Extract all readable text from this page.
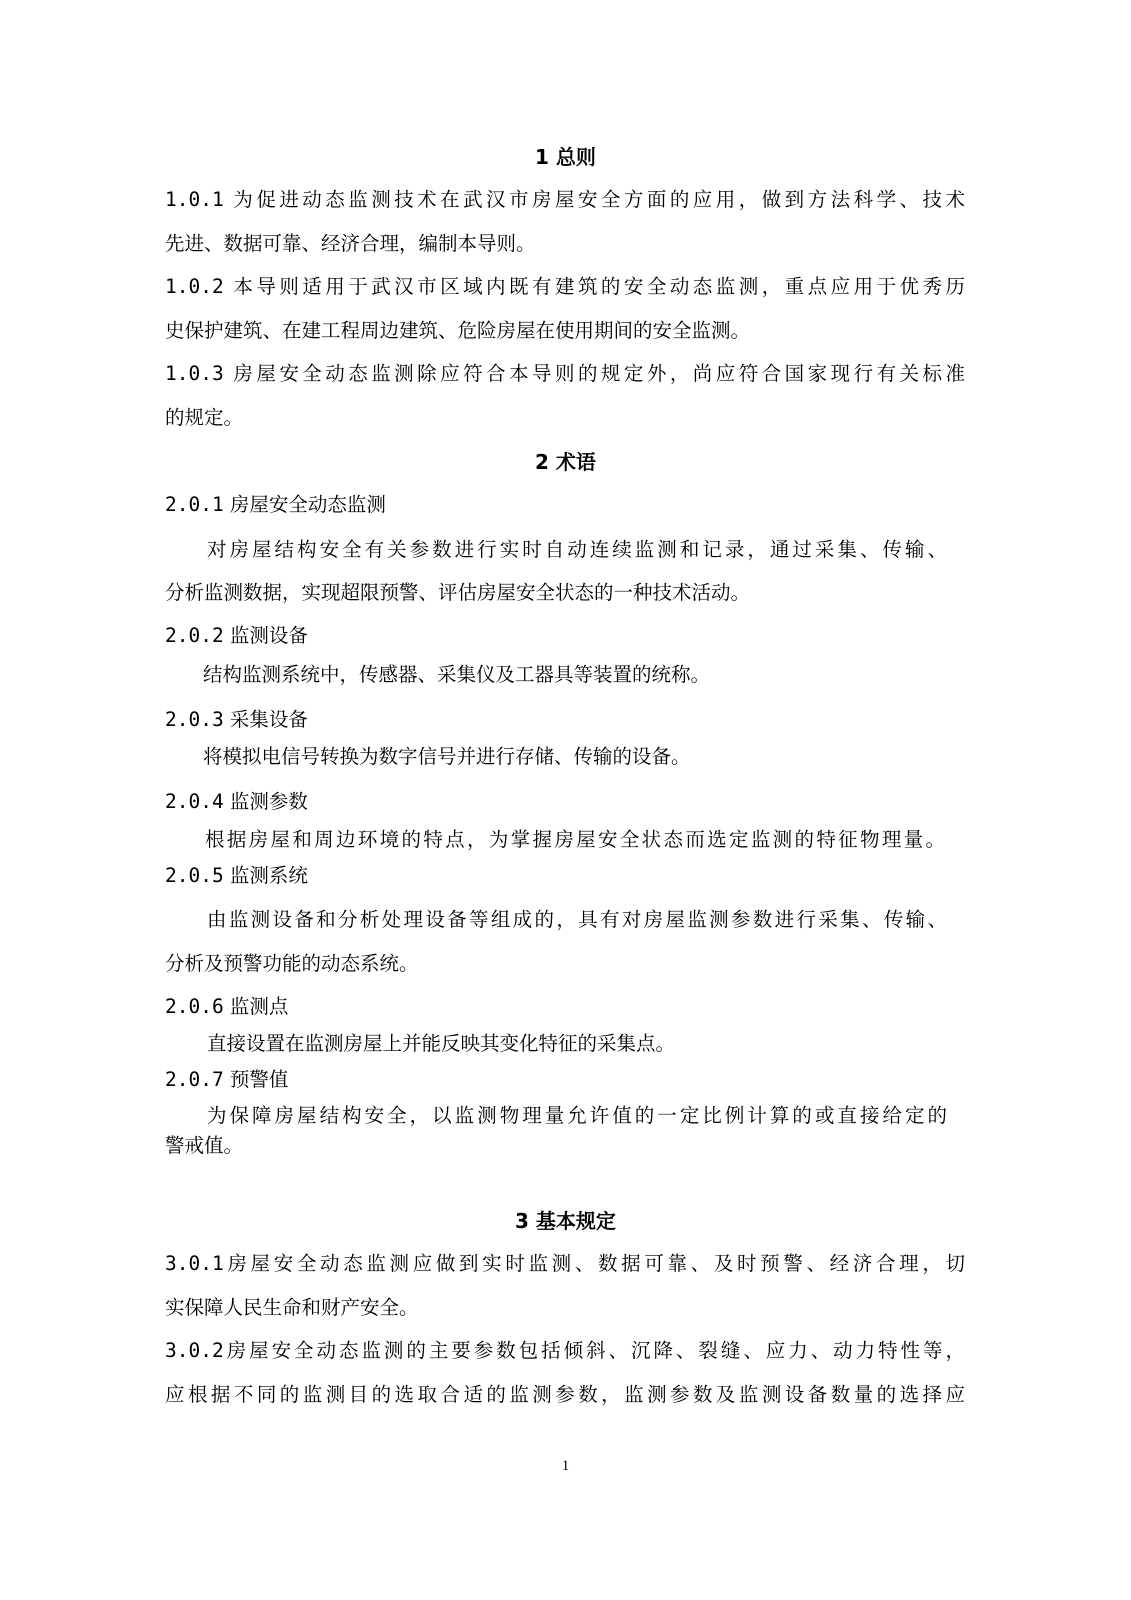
1 总则
1.0.1 为促进动态监测技术在武汉市房屋安全方面的应用，做到方法科学、技术
先进、数据可靠、经济合理，编制本导则。
1.0.2 本导则适用于武汉市区域内既有建筑的安全动态监测，重点应用于优秀历
史保护建筑、在建工程周边建筑、危险房屋在使用期间的安全监测。
1.0.3 房屋安全动态监测除应符合本导则的规定外，尚应符合国家现行有关标准
的规定。
2 术语
2.0.1 房屋安全动态监测
对房屋结构安全有关参数进行实时自动连续监测和记录，通过采集、传输、
分析监测数据，实现超限预警、评估房屋安全状态的一种技术活动。
2.0.2 监测设备
结构监测系统中，传感器、采集仪及工器具等装置的统称。
2.0.3 采集设备
将模拟电信号转换为数字信号并进行存储、传输的设备。
2.0.4 监测参数
根据房屋和周边环境的特点，为掌握房屋安全状态而选定监测的特征物理量。
2.0.5 监测系统
由监测设备和分析处理设备等组成的，具有对房屋监测参数进行采集、传输、
分析及预警功能的动态系统。
2.0.6 监测点
直接设置在监测房屋上并能反映其变化特征的采集点。
2.0.7 预警值
为保障房屋结构安全，以监测物理量允许值的一定比例计算的或直接给定的
警戒值。
3 基本规定
3.0.1房屋安全动态监测应做到实时监测、数据可靠、及时预警、经济合理，切
实保障人民生命和财产安全。
3.0.2房屋安全动态监测的主要参数包括倾斜、沉降、裂缝、应力、动力特性等，
应根据不同的监测目的选取合适的监测参数，监测参数及监测设备数量的选择应
1
